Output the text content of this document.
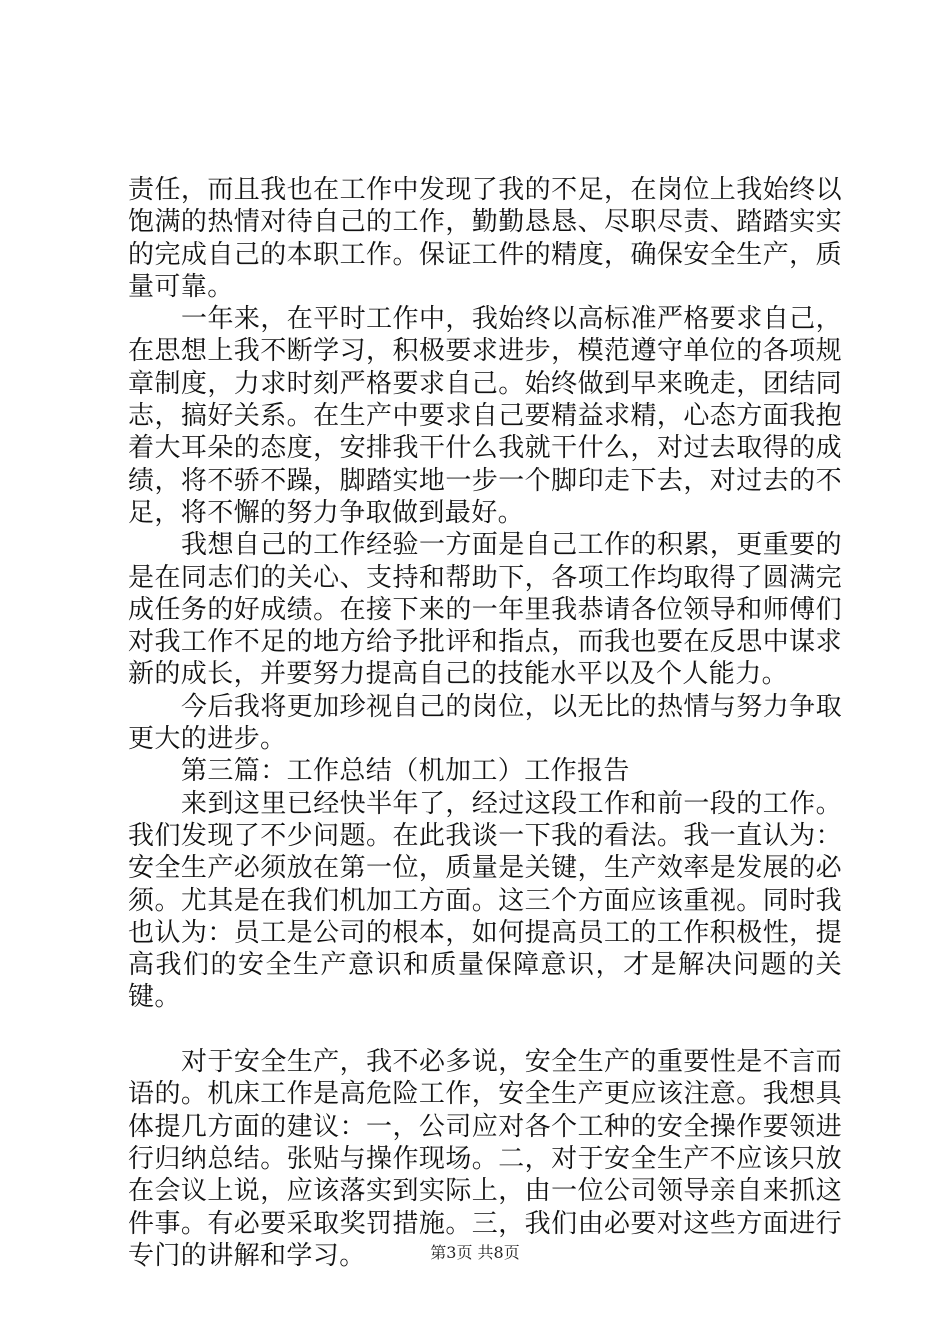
责任，而且我也在工作中发现了我的不足，在岗位上我始终以饱满的热情对待自己的工作，勤勤恳恳、尽职尽责、踏踏实实的完成自己的本职工作。保证工件的精度，确保安全生产，质量可靠。

一年来，在平时工作中，我始终以高标准严格要求自己，在思想上我不断学习，积极要求进步，模范遵守单位的各项规章制度，力求时刻严格要求自己。始终做到早来晚走，团结同志，搞好关系。在生产中要求自己要精益求精，心态方面我抱着大耳朵的态度，安排我干什么我就干什么，对过去取得的成绩，将不骄不躁，脚踏实地一步一个脚印走下去，对过去的不足，将不懈的努力争取做到最好。

我想自己的工作经验一方面是自己工作的积累，更重要的是在同志们的关心、支持和帮助下，各项工作均取得了圆满完成任务的好成绩。在接下来的一年里我恭请各位领导和师傅们对我工作不足的地方给予批评和指点，而我也要在反思中谋求新的成长，并要努力提高自己的技能水平以及个人能力。

今后我将更加珍视自己的岗位，以无比的热情与努力争取更大的进步。

第三篇：工作总结（机加工）工作报告

来到这里已经快半年了，经过这段工作和前一段的工作。我们发现了不少问题。在此我谈一下我的看法。我一直认为：安全生产必须放在第一位，质量是关键，生产效率是发展的必须。尤其是在我们机加工方面。这三个方面应该重视。同时我也认为：员工是公司的根本，如何提高员工的工作积极性，提高我们的安全生产意识和质量保障意识，才是解决问题的关键。

对于安全生产，我不必多说，安全生产的重要性是不言而语的。机床工作是高危险工作，安全生产更应该注意。我想具体提几方面的建议：一，公司应对各个工种的安全操作要领进行归纳总结。张贴与操作现场。二，对于安全生产不应该只放在会议上说，应该落实到实际上，由一位公司领导亲自来抓这件事。有必要采取奖罚措施。三，我们由必要对这些方面进行专门的讲解和学习。	第3页 共8页
